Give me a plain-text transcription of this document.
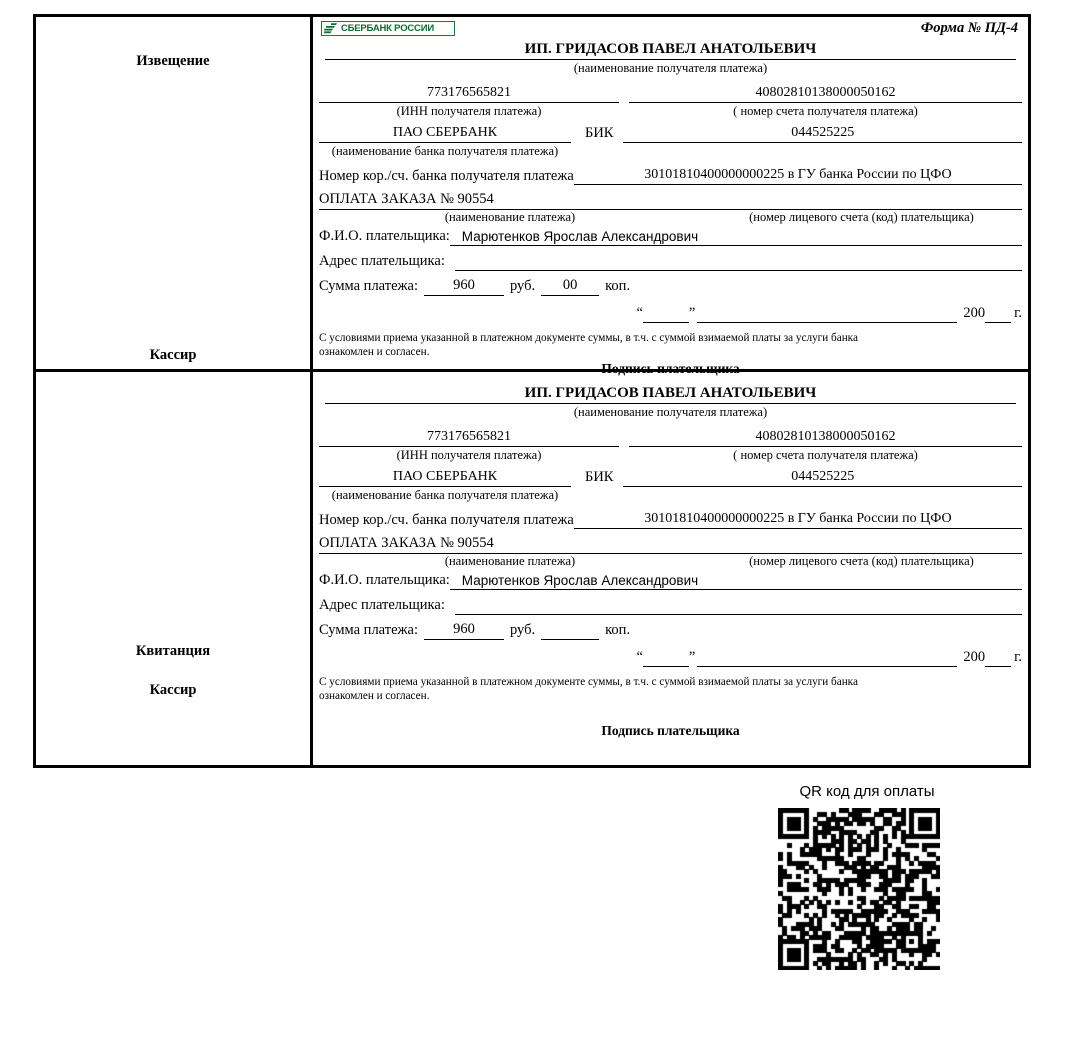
Извещение
Кассир
СБЕРБАНК РОССИИ	Форма № ПД-4
ИП. ГРИДАСОВ ПАВЕЛ АНАТОЛЬЕВИЧ
(наименование получателя платежа)
773176565821	40802810138000050162
(ИНН получателя платежа)	( номер счета получателя платежа)
ПАО СБЕРБАНК	БИК	044525225
(наименование банка получателя платежа)
Номер кор./сч. банка получателя платежа	30101810400000000225 в ГУ банка России по ЦФО
ОПЛАТА ЗАКАЗА № 90554
(наименование платежа)	(номер лицевого счета (код) плательщика)
Ф.И.О. плательщика: Марютенков Ярослав Александрович
Адрес плательщика:
Сумма платежа:	960	руб.	00	коп.
“	”	200 г.
С условиями приема указанной в платежном документе суммы, в т.ч. с суммой взимаемой платы за услуги банка
ознакомлен и согласен.
Подпись плательщика
Квитанция
Кассир
ИП. ГРИДАСОВ ПАВЕЛ АНАТОЛЬЕВИЧ
(наименование получателя платежа)
773176565821	40802810138000050162
(ИНН получателя платежа)	( номер счета получателя платежа)
ПАО СБЕРБАНК	БИК	044525225
(наименование банка получателя платежа)
Номер кор./сч. банка получателя платежа	30101810400000000225 в ГУ банка России по ЦФО
ОПЛАТА ЗАКАЗА № 90554
(наименование платежа)	(номер лицевого счета (код) плательщика)
Ф.И.О. плательщика: Марютенков Ярослав Александрович
Адрес плательщика:
Сумма платежа:	960	руб.	коп.
“	”	200 г.
С условиями приема указанной в платежном документе суммы, в т.ч. с суммой взимаемой платы за услуги банка
ознакомлен и согласен.
Подпись плательщика
QR код для оплаты
